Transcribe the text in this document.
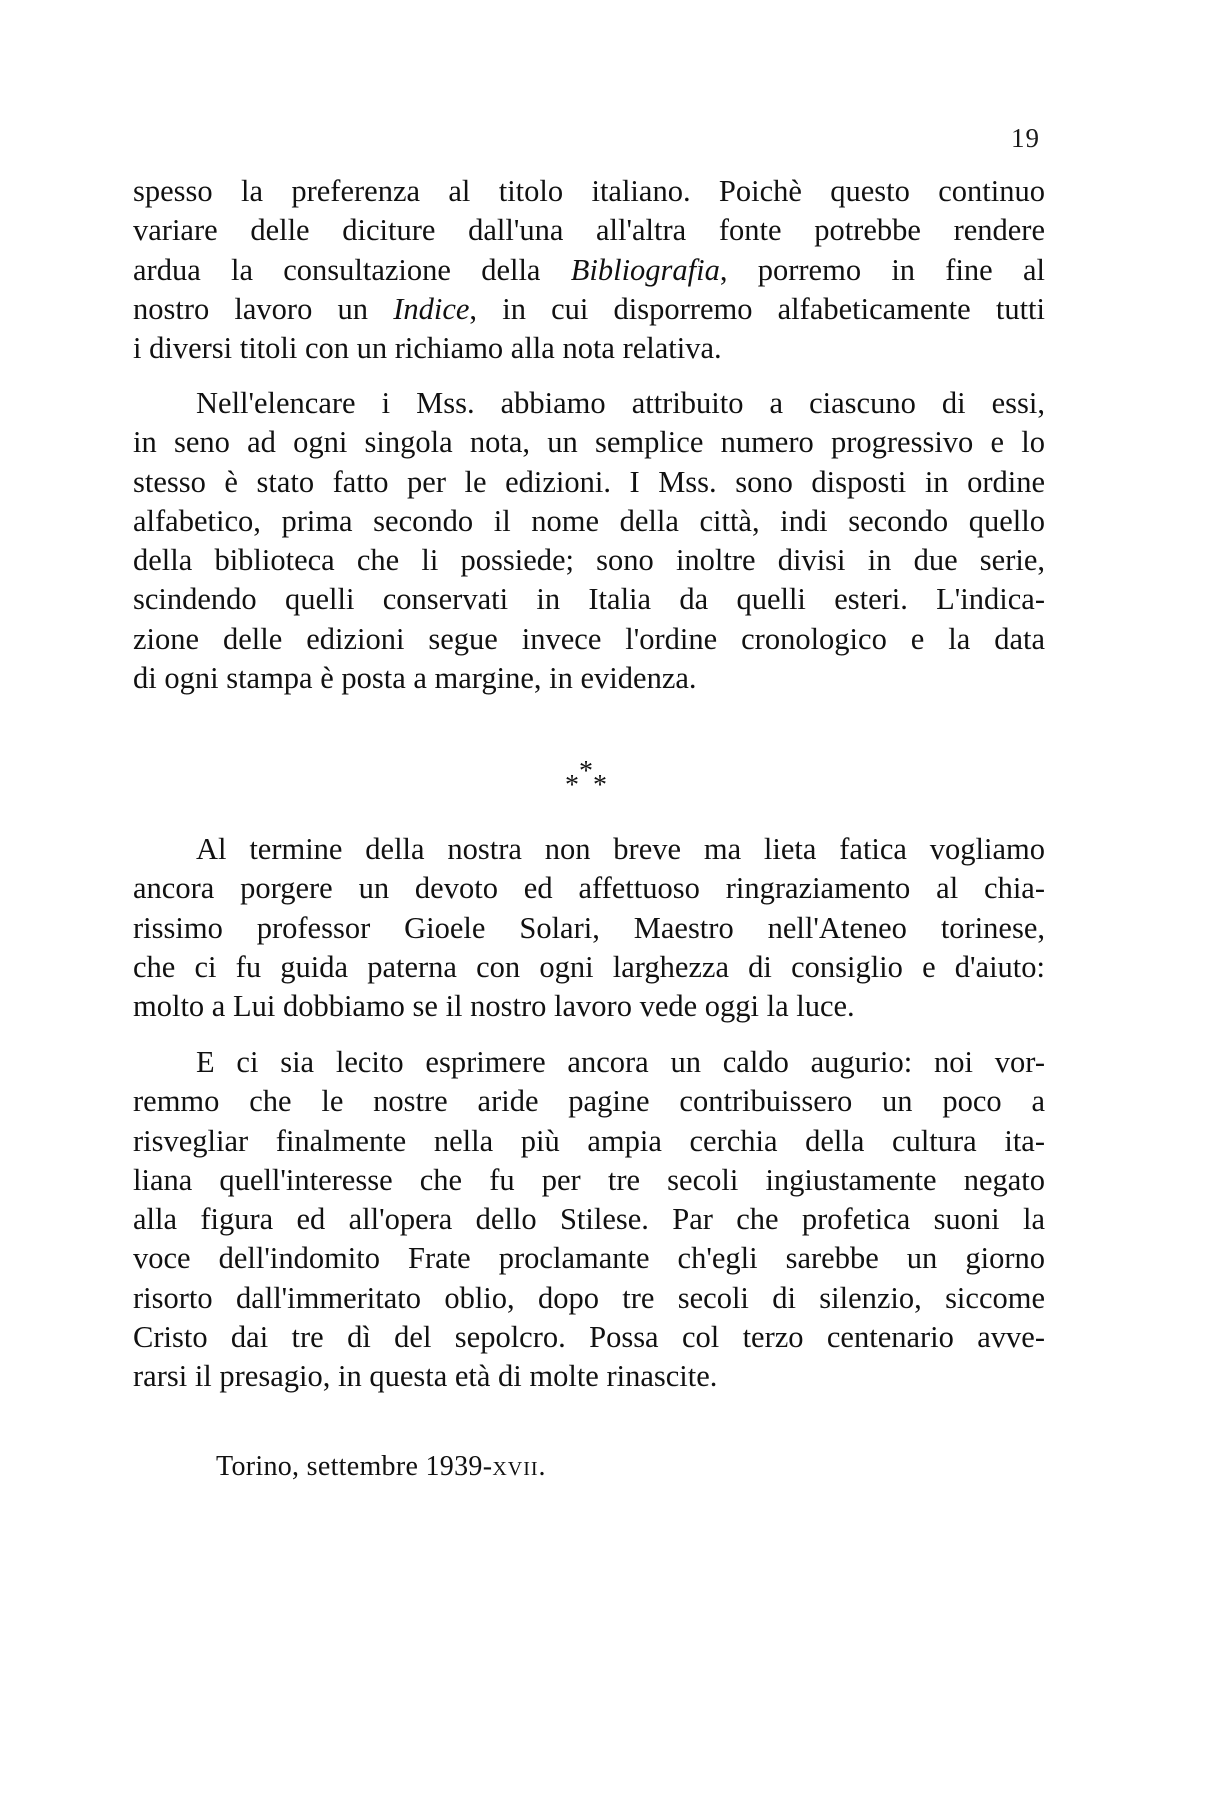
19
spesso la preferenza al titolo italiano. Poichè questo continuo
variare delle diciture dall'una all'altra fonte potrebbe rendere
ardua la consultazione della Bibliografia, porremo in fine al
nostro lavoro un Indice, in cui disporremo alfabeticamente tutti
i diversi titoli con un richiamo alla nota relativa.
Nell'elencare i Mss. abbiamo attribuito a ciascuno di essi,
in seno ad ogni singola nota, un semplice numero progressivo e lo
stesso è stato fatto per le edizioni. I Mss. sono disposti in ordine
alfabetico, prima secondo il nome della città, indi secondo quello
della biblioteca che li possiede; sono inoltre divisi in due serie,
scindendo quelli conservati in Italia da quelli esteri. L'indica-
zione delle edizioni segue invece l'ordine cronologico e la data
di ogni stampa è posta a margine, in evidenza.
*
* *
Al termine della nostra non breve ma lieta fatica vogliamo
ancora porgere un devoto ed affettuoso ringraziamento al chia-
rissimo professor Gioele Solari, Maestro nell'Ateneo torinese,
che ci fu guida paterna con ogni larghezza di consiglio e d'aiuto:
molto a Lui dobbiamo se il nostro lavoro vede oggi la luce.
E ci sia lecito esprimere ancora un caldo augurio: noi vor-
remmo che le nostre aride pagine contribuissero un poco a
risvegliar finalmente nella più ampia cerchia della cultura ita-
liana quell'interesse che fu per tre secoli ingiustamente negato
alla figura ed all'opera dello Stilese. Par che profetica suoni la
voce dell'indomito Frate proclamante ch'egli sarebbe un giorno
risorto dall'immeritato oblio, dopo tre secoli di silenzio, siccome
Cristo dai tre dì del sepolcro. Possa col terzo centenario avve-
rarsi il presagio, in questa età di molte rinascite.
Torino, settembre 1939-xvii.
